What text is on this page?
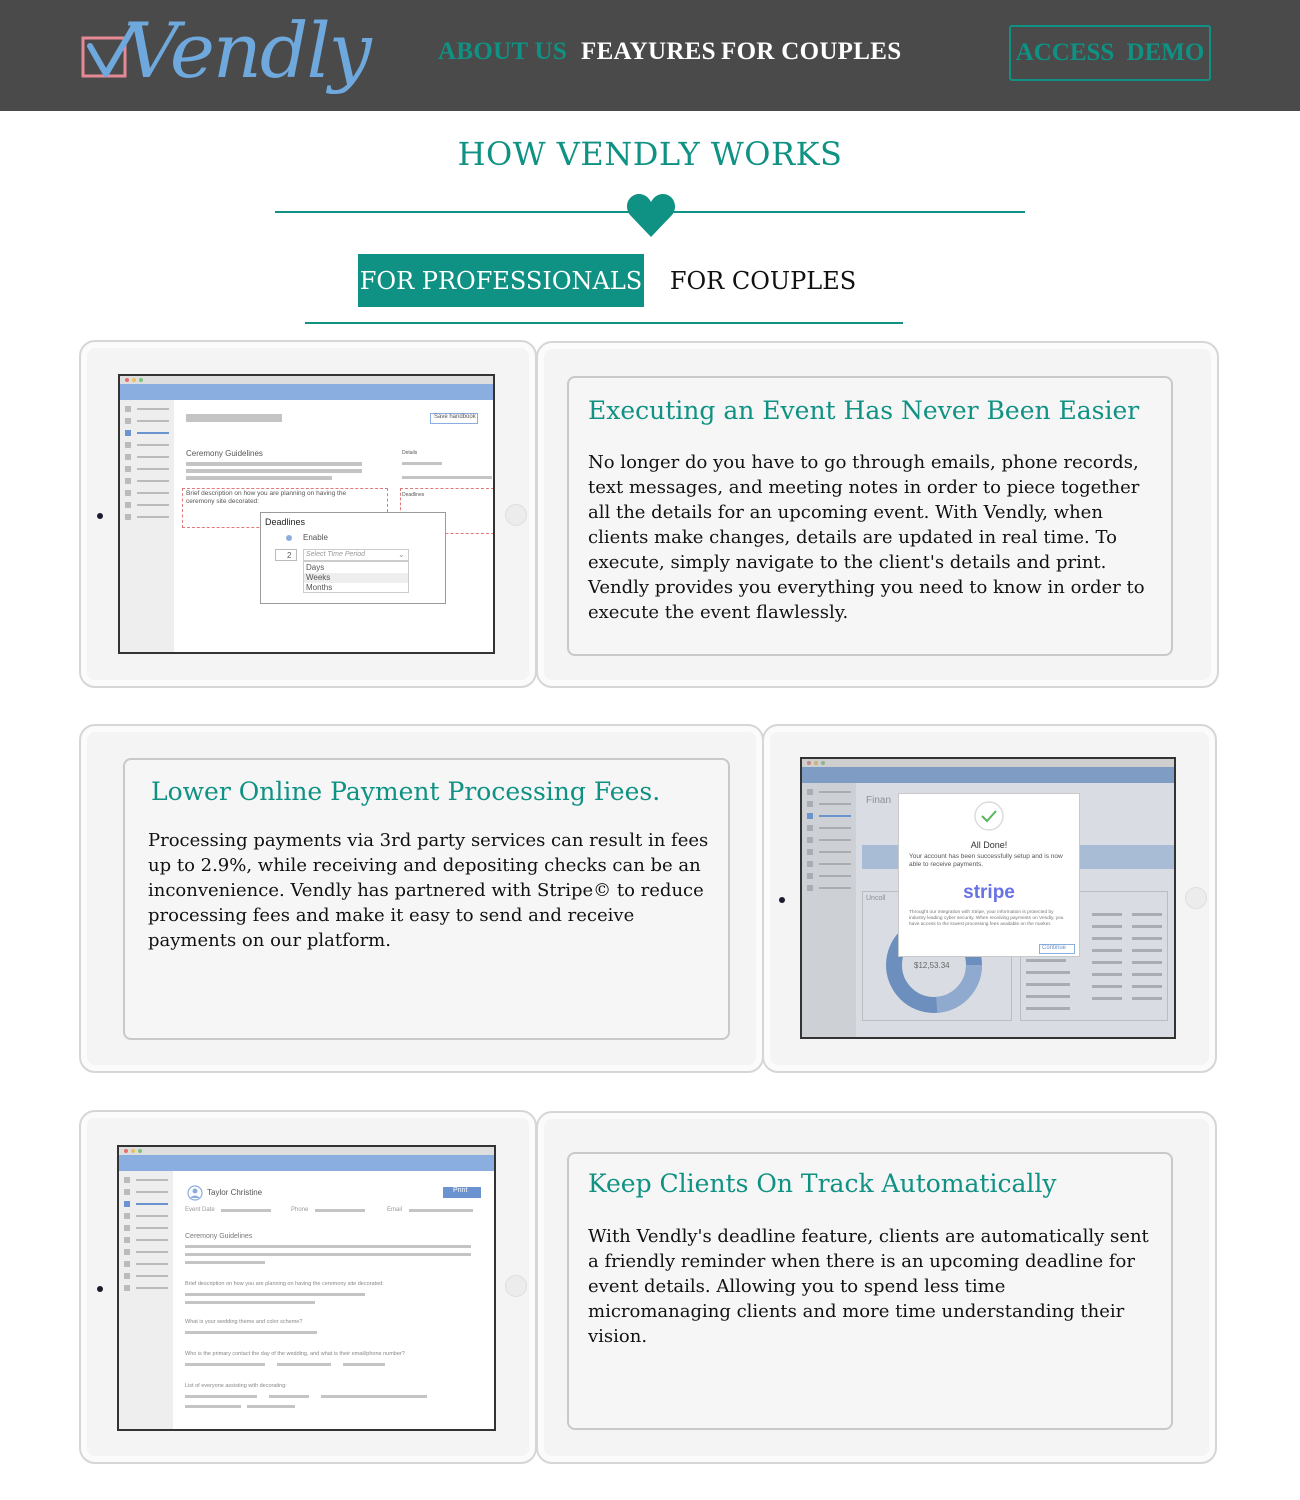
Vendly	ABOUT US FEAYURES FOR COUPLES	ACCESS DEMO
HOW VENDLY WORKS
FOR PROFESSIONALS FOR COUPLES
Save handbook
Ceremony Guidelines	Details
Brief description on how you are planning on having the ceremony site decorated:
Deadlines
Deadlines
Enable
2 Select Time Period	⌄
Days
Weeks
Months
Executing an Event Has Never Been Easier

No longer do you have to go through emails, phone records, text messages, and meeting notes in order to piece together all the details for an upcoming event. With Vendly, when clients make changes, details are updated in real time. To execute, simply navigate to the client's details and print. Vendly provides you everything you need to know in order to execute the event flawlessly.

Lower Online Payment Processing Fees.

Processing payments via 3rd party services can result in fees up to 2.9%, while receiving and depositing checks can be an inconvenience. Vendly has partnered with Stripe© to reduce processing fees and make it easy to send and receive payments on our platform.

Finan
Uncoll
$12,53.34
All Done!
Your account has been successfully setup and is now able to receive payments.
stripe
Throught our integration with Stripe, your information is protected by industry leading cyber security. When receiving payments on Vendly, you have access to the lowest processing fees available on the market.
Continue
Taylor Christine	Print
Event Date	Phone	Email
Ceremony Guidelines
Brief description on how you are planning on having the ceremony site decorated:
What is your wedding theme and color scheme?
Who is the primary contact the day of the wedding, and what is their email/phone number?
List of everyone assisting with decorating:
Keep Clients On Track Automatically

With Vendly's deadline feature, clients are automatically sent a friendly reminder when there is an upcoming deadline for event details. Allowing you to spend less time micromanaging clients and more time understanding their vision.
